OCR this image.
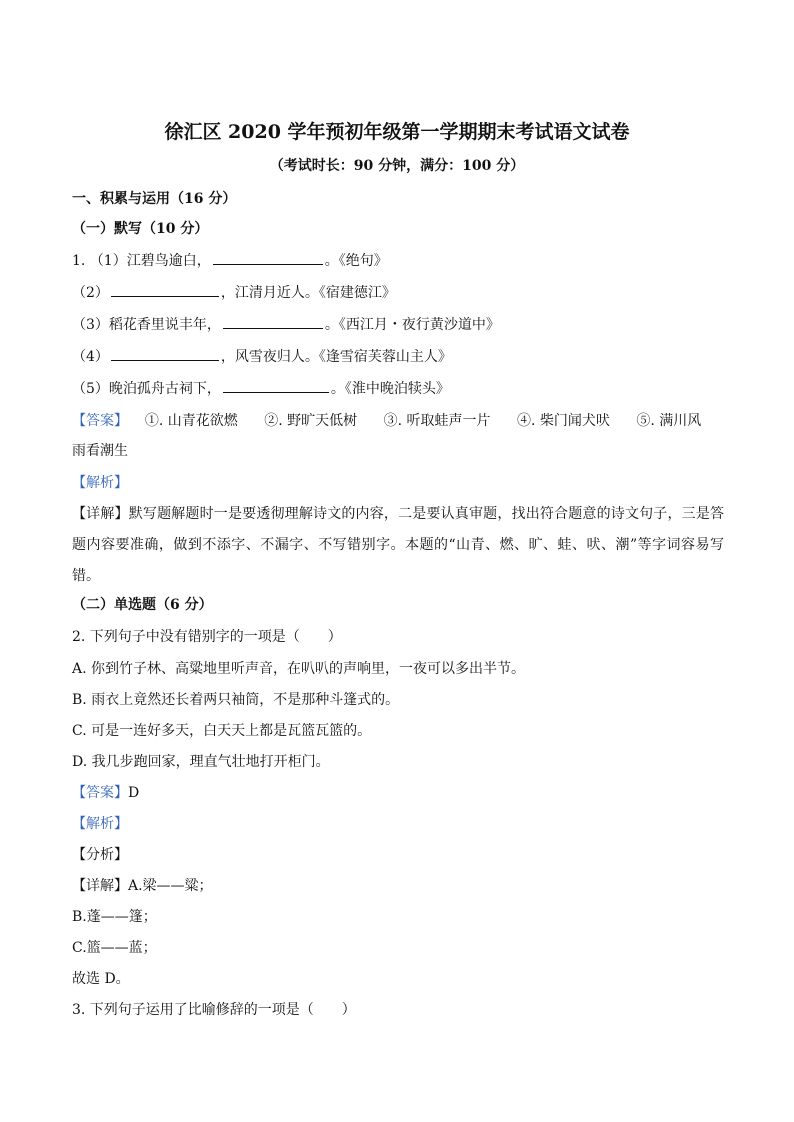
徐汇区 2020 学年预初年级第一学期期末考试语文试卷
（考试时长：90 分钟，满分：100 分）
一、积累与运用（16 分）
（一）默写（10 分）
1. （1）江碧鸟逾白，	。《绝句》
（2）	，江清月近人。《宿建德江》
（3）稻花香里说丰年，	。《西江月・夜行黄沙道中》
（4）	，风雪夜归人。《逢雪宿芙蓉山主人》
（5）晚泊孤舟古祠下，	。《淮中晚泊犊头》
【答案】 ①. 山青花欲燃 ②. 野旷天低树 ③. 听取蛙声一片 ④. 柴门闻犬吠 ⑤. 满川风
雨看潮生
【解析】
【详解】默写题解题时一是要透彻理解诗文的内容，二是要认真审题，找出符合题意的诗文句子，三是答题内容要准确，做到不添字、不漏字、不写错别字。本题的“山青、燃、旷、蛙、吠、潮”等字词容易写错。
（二）单选题（6 分）
2. 下列句子中没有错别字的一项是（　　）
A. 你到竹子林、高粱地里听声音，在叭叭的声响里，一夜可以多出半节。
B. 雨衣上竟然还长着两只袖筒，不是那种斗篷式的。
C. 可是一连好多天，白天天上都是瓦篮瓦篮的。
D. 我几步跑回家，理直气壮地打开柜门。
【答案】D
【解析】
【分析】
【详解】A.梁——粱；
B.蓬——篷；
C.篮——蓝；
故选 D。
3. 下列句子运用了比喻修辞的一项是（　　）
